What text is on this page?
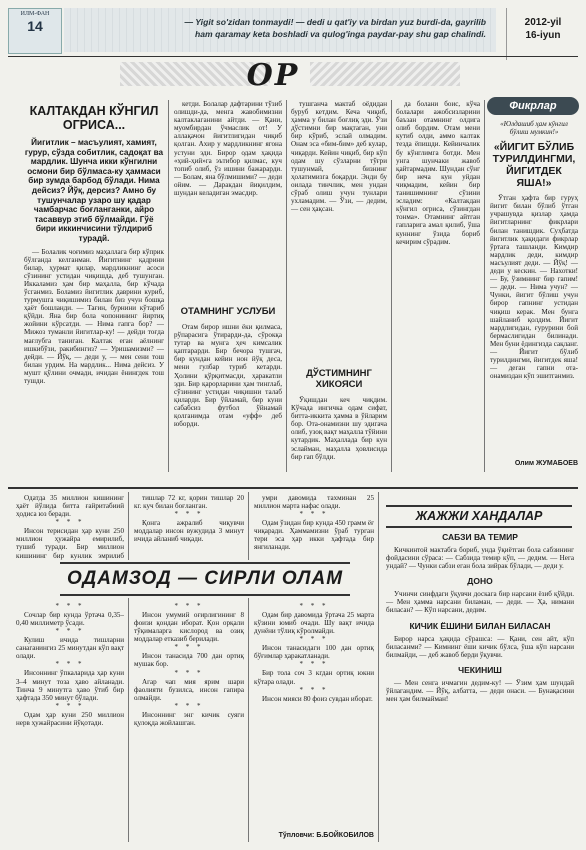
ИЛМ-ФАН
14	— Yigit so'zidan tonmaydi! — dedi u qat'iy va birdan yuz burdi-da, gayrilib
ham qaramay keta boshladi va qulog'inga paydar-pay shu gap chalindi.
2012-yil
16-iyun
ОР
Фикрлар
КАЛТАКДАН КЎНГИЛ ОГРИСА...
Йигитлик – масъулият, хамият, гурур, сўзда собитлик, садоқат ва мардлик. Шунча икки кўнгилни осмони бир бўлмаса-ку ҳаммаси бир зумда барбод бўлади. Нима дейсиз? Йўқ, дерсиз? Амно бу тушунчалар узаро шу қадар чамбарчас боғланганки, айро тасаввур этиб бўлмайди. Гўё бири иккинчисини тўлдириб турадй.

— Болалик чоғимиз маҳаллага бир кўприк бўлганда келганман. Йигитнинг қадрини билар, ҳурмат қилар, мардликнинг асоси сўзининг устидан чиқишда, деб тушунган. Иккаламиз ҳам бир маҳалла, бир кўчада ўсганмиз. Боламиз йигитлик даврини куриб, турмушга чиқишимиз билан биз учун бошқа ҳаёт бошланди. — Тағин, бурнини кўтариб қўйди. Яна бир бола чопонининг йиртиқ жойини кўрсатди. — Нима гапга бор? — Мижоз туманли йигитлар-ку! — дейди тоғда мағлубга таниган. Калтак еган аёлнинг ишкибўзи, ракибингиз? — Уришамизми? — дейди. — Йўқ, — деди у, — мен сени тош билан урдим. На мардлик... Нима дейсиз. У мушт қўлини очмади, ичидан ёнингдек тош тушди.

кетди. Болалар дафтарини тўзиб олишди-да, менга жавобимизни калтаклаганини айтди. — Қани, муомбирдан ўчмаслик от! У аллақачон йигитлигидан чиқиб қолган. Ахир у мардликнинг ягона устуни эди. Бирор одам ҳақида «ҳий-ҳий»га эътибор қилмас, куч топиб олиб, ўз ишини бажарарди. — Болам, яна бўлмишими? — деди ойим. — Даракдан йиқилдим, шундан келадиган эмасдир.

ОТАМНИНГ УСЛУБИ

Отам бирор ишни ёки қилмаса, рўпарасига ўтирарди-да, сўрокқа тутар ва мунга ҳеч кимсалик қаптарарди. Бир бечора тушгач, бир кундан кейин нон йўқ деса, мени гулбар туриб кетарди. Ҳолини қўрқитмасди, ҳаракатли эди. Бир қарорларини ҳам тинглаб, сўзининг устидан чиқишни талаб қиларди. Бир ўйламай, бир куни сабабсиз футбол ўйнамай қолганимда отам «уфф» деб юборди.

тушганча мактаб оёдидан буруб кетдим. Кеча чиқиб, ҳамма у билан боғлиқ эди. Ўзи дўстимни бир мақтаган, уни бир кўриб, эслай олмадим. Онам эса «бим-бим» деб кулар, чиқарди. Кейин чиқиб, бир кўп одам шу сўзларни тўғри тушунмай, бизнинг ҳолатимизга боқарди. Энди бу оилада тинчлик, мен ундан сўраб олиш учун тунлари ухламадим. — Ўзи, — дедим, — сен ҳақсан.

ДЎСТИМНИНГ ХИКОЯСИ

Ўқишдан кеч чиқдим. Кўчада ингичка одам сифат, битта-иккита ҳамма в ўйларим бор. Ота-онамизни шу эдигача олиб, узоқ вақт маҳалла тўйини кутардик. Маҳаллада бир кун эслайман, маҳалла ҳовлисида бир гап бўлди.

да болани боис, кўча болалари ажобсизларини баъзан отамнинг олдига олиб бордим. Отам мени кутиб олди, аммо калтак тезда ёпишди. Кейинчалик бу кўнглимга ботди. Мен унга шунчаки жавоб қайтармадим. Шундан сўнг бир неча кун уйдан чиқмадим, кейин бир танишимнинг сўзини эсладим: «Калтакдан кўнгил огриса, сўзингдан тонма». Отамнинг айтган гапларига амал қилиб, ўша куннинг ўзида бориб кечирим сўрадим.

«Юлдашиб ҳам кўнгил бўлиш мумкин!»
«ЙИГИТ БЎЛИБ ТУРИЛДИНГМИ, ЙИГИТДЕК ЯША!»

Ўтган ҳафта бир гуруҳ йигит билан бўлиб ўтган учрашувда қизлар ҳамда йигитларнинг фикрлари билан танишдик. Суҳбатда йигитлик ҳақидаги фикрлар ўртага ташланди. Кимдир мардлик деди, кимдир масъулият деди. — Йўқ! — деди у кескин. — Нахотки! — Бу, ўзимнинг бир гапим! — деди. — Нима учун? — Чунки, йигит бўлиш учун бирор гапнинг устидан чиқиш керак. Мен бунга шайланиб қолдим. Йигит мардлигидан, ғурурини бой бермаслигидан билинади. Мен буни ёдингизда сақланг. — Йигит бўлиб турилдингми, йигитдек яша! — деган гапни ота-онамиздан кўп эшитганмиз.

Олим ЖУМАБОЕВ
ОДАМЗОД — СИРЛИ ОЛАМ

Одатда 35 миллион кишининг ҳаёт йўлида битта ғайритабиий ҳодиса юз беради.

* * *

Инсон терисидан ҳар куни 250 миллион ҳужайра емирилиб, тушиб туради. Бир миллион кишининг бир кунлик эмрилиб

* * *

Сочлар бир кунда ўртача 0,35–0,40 миллиметр ўсади.

* * *

Кулиш ичида тишларни санаганингиз 25 минутдан кўп вақт олади.

* * *

Инсоннинг ўпкаларида ҳар куни 3–4 минут тоза ҳаво айланади. Тинча 9 минутга ҳаво ўтиб бир ҳафтада 350 минут бўлади.

* * *

Одам ҳар куни 250 миллион нерв ҳужайрасини йўқотади.

тишлар 72 кг, қорин тишлар 20 кг. куч билан боғланган.

* * *

Қонга ажралиб чиқувчи моддалар инсон вужудида 3 минут ичида айланиб чиқади.

* * *

Инсон умумий оғирлигининг 8 фоизи қондан иборат. Қон орқали тўқималарга кислород ва озиқ моддалар етказиб берилади.

* * *

Инсон танасида 700 дан ортиқ мушак бор.

* * *

Агар чап мия ярим шари фаолияти бузилса, инсон гапира олмайди.

* * *

Инсоннинг энг кичик суяги қулоқда жойлашган.

умри давомида тахминан 25 миллион марта нафас олади.

* * *

Одам ўзидан бир кунда 450 грамм ёғ чиқаради. Ҳаммамизни ўраб турган тери эса ҳар икки ҳафтада бир янгиланади.

* * *

Одам бир давомида ўртача 25 марта кўзини юмиб очади. Шу вақт ичида дунёни тўлиқ кўролмайди.

* * *

Инсон танасидаги 100 дан ортиқ бўғимлар ҳаракатланади.

* * *

Бир тола соч 3 кгдан ортиқ юкни кўтара олади.

* * *

Инсон мияси 80 фоиз сувдан иборат.

Тўпловчи: Б.БОЙКОБИЛОВ
ЖАЖЖИ ХАНДАЛАР
САБЗИ ВА ТЕМИР

Кичкинтой мактабга бориб, унда ўқиётган бола сабзининг фойдасини сўраса: — Сабзида темир кўп, — дедим. — Нега ундай? — Чунки сабзи еган бола зийрак бўлади, — деди у.

ДОНО

Учинчи синфдаги ўқувчи доскага бир нарсани ёзиб қўйди. — Мен ҳамма нарсани биламан, — деди. — Ҳа, нимани биласан? — Кўп нарсани, дедим.

КИЧИК ЁШИНИ БИЛАН БИЛАСАН

Бирор нарса ҳақида сўрашса: — Қани, сен айт, кўп биласанми? — Кимнинг ёши кичик бўлса, ўша кўп нарсани билмайди, — деб жавоб берди ўқувчи.

ЧЕКИНИШ

— Мен сенга ичмагин дедим-ку! — Ўзим ҳам шундай ўйлагандим. — Йўқ, албатта, — деди онаси. — Бунақасини мен ҳам билмайман!
